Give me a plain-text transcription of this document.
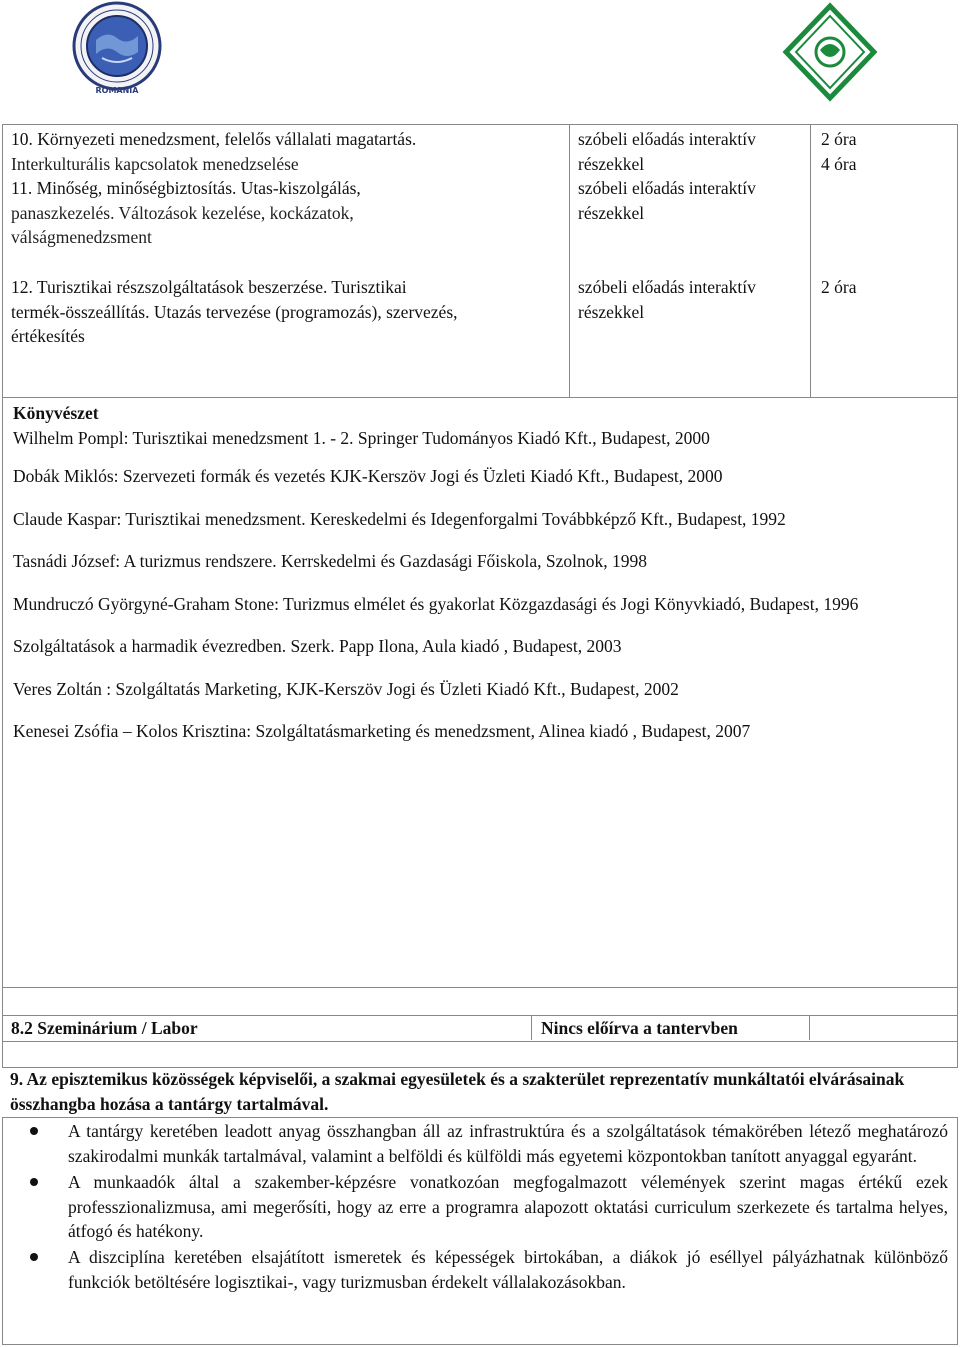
ROMANIA
10. Környezeti menedzsment, felelős vállalati magatartás.
Interkulturális kapcsolatok menedzselése
11. Minőség, minőségbiztosítás. Utas-kiszolgálás,
panaszkezelés. Változások kezelése, kockázatok,
válságmenedzsment
szóbeli előadás interaktív
részekkel
szóbeli előadás interaktív
részekkel
2 óra
4 óra
12. Turisztikai részszolgáltatások beszerzése. Turisztikai
termék-összeállítás. Utazás tervezése (programozás), szervezés,
értékesítés
szóbeli előadás interaktív
részekkel
2 óra
Könyvészet
Wilhelm Pompl: Turisztikai menedzsment 1. - 2. Springer Tudományos Kiadó Kft., Budapest, 2000
Dobák Miklós: Szervezeti formák és vezetés KJK-Kerszöv Jogi és Üzleti Kiadó Kft., Budapest, 2000
Claude Kaspar: Turisztikai menedzsment. Kereskedelmi és Idegenforgalmi Továbbképző Kft., Budapest, 1992
Tasnádi József: A turizmus rendszere. Kerrskedelmi és Gazdasági Főiskola, Szolnok, 1998
Mundruczó Györgyné-Graham Stone: Turizmus elmélet és gyakorlat Közgazdasági és Jogi Könyvkiadó, Budapest, 1996
Szolgáltatások a harmadik évezredben. Szerk. Papp Ilona, Aula kiadó , Budapest, 2003
Veres Zoltán : Szolgáltatás Marketing, KJK-Kerszöv Jogi és Üzleti Kiadó Kft., Budapest, 2002
Kenesei Zsófia – Kolos Krisztina: Szolgáltatásmarketing és menedzsment, Alinea kiadó , Budapest, 2007
8.2 Szeminárium / Labor	Nincs előírva a tantervben
9. Az episztemikus közösségek képviselői, a szakmai egyesületek és a szakterület reprezentatív munkáltatói elvárásainak összhangba hozása a tantárgy tartalmával.
A tantárgy keretében leadott anyag összhangban áll az infrastruktúra és a szolgáltatások témakörében létező meghatározó szakirodalmi munkák tartalmával, valamint a belföldi és külföldi más egyetemi központokban tanított anyaggal egyaránt.
A munkaadók által a szakember-képzésre vonatkozóan megfogalmazott vélemények szerint magas értékű ezek professzionalizmusa, ami megerősíti, hogy az erre a programra alapozott oktatási curriculum szerkezete és tartalma helyes, átfogó és hatékony.
A diszciplína keretében elsajátított ismeretek és képességek birtokában, a diákok jó eséllyel pályázhatnak különböző funkciók betöltésére logisztikai-, vagy turizmusban érdekelt vállalakozásokban.
